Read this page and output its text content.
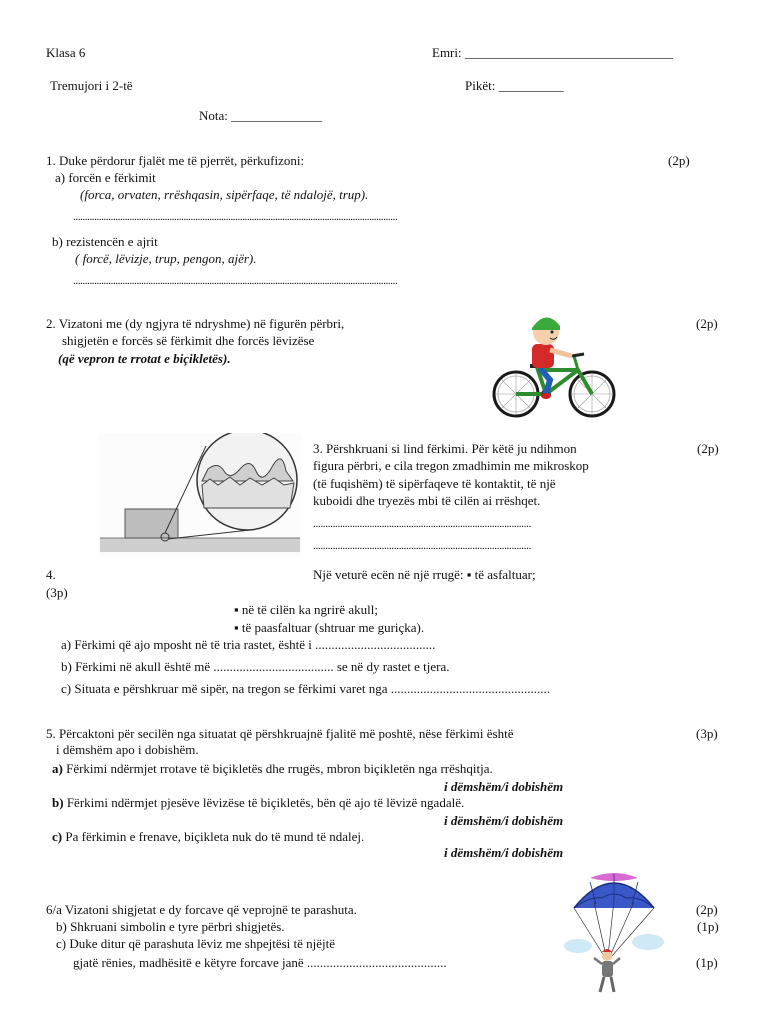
Klasa 6	Emri: ________________________________
Tremujori i 2-të	Pikët: __________
Nota: ______________
1. Duke përdorur fjalët me të pjerrët, përkufizoni:	(2p)
a) forcën e fërkimit
(forca, orvaten, rrëshqasin, sipërfaqe, të ndalojë, trup).
..........................................................................................................................................
b) rezistencën e ajrit
( forcë, lëvizje, trup, pengon, ajër).
..........................................................................................................................................
2. Vizatoni me (dy ngjyra të ndryshme) në figurën përbri,
shigjetën e forcës së fërkimit dhe forcës lëvizëse
(që vepron te rrotat e biçikletës).
(2p)
3. Përshkruani si lind fërkimi. Për këtë ju ndihmon
figura përbri, e cila tregon zmadhimin me mikroskop
(të fuqishëm) të sipërfaqeve të kontaktit, të një
kuboidi dhe tryezës mbi të cilën ai rrëshqet.
(2p)
.........................................................................................
.........................................................................................
4.	Një veturë ecën në një rrugë: ▪ të asfaltuar;
(3p)
▪ në të cilën ka ngrirë akull;
▪ të paasfaltuar (shtruar me guriçka).
a) Fërkimi që ajo mposht në të tria rastet, është i .....................................
b) Fërkimi në akull është më ..................................... se në dy rastet e tjera.
c) Situata e përshkruar më sipër, na tregon se fërkimi varet nga .................................................
5. Përcaktoni për secilën nga situatat që përshkruajnë fjalitë më poshtë, nëse fërkimi është
i dëmshëm apo i dobishëm.
(3p)
a) Fërkimi ndërmjet rrotave të biçikletës dhe rrugës, mbron biçikletën nga rrëshqitja.
i dëmshëm/i dobishëm
b) Fërkimi ndërmjet pjesëve lëvizëse të biçikletës, bën që ajo të lëvizë ngadalë.
i dëmshëm/i dobishëm
c) Pa fërkimin e frenave, biçikleta nuk do të mund të ndalej.
i dëmshëm/i dobishëm
6/a Vizatoni shigjetat e dy forcave që veprojnë te parashuta.	(2p)
b) Shkruani simbolin e tyre përbri shigjetës.	(1p)
c) Duke ditur që parashuta lëviz me shpejtësi të njëjtë
gjatë rënies, madhësitë e këtyre forcave janë ...........................................	(1p)
